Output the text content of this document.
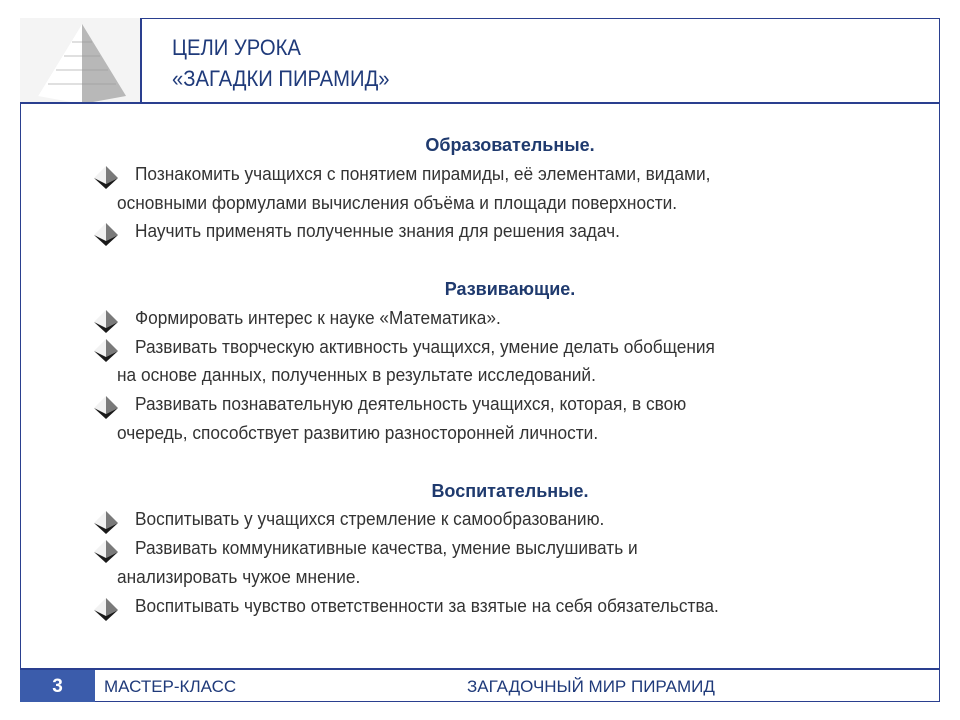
ЦЕЛИ УРОКА
«ЗАГАДКИ ПИРАМИД»
Образовательные.
Познакомить учащихся с понятием пирамиды, её элементами, видами,
основными формулами вычисления объёма и площади поверхности.
Научить применять полученные знания для решения задач.
Развивающие.
Формировать интерес к науке «Математика».
Развивать творческую активность учащихся, умение делать обобщения
на основе данных, полученных в результате исследований.
Развивать познавательную деятельность учащихся, которая, в свою
очередь, способствует развитию разносторонней личности.
Воспитательные.
Воспитывать у учащихся стремление к самообразованию.
Развивать коммуникативные качества, умение выслушивать и
анализировать чужое мнение.
Воспитывать чувство ответственности за взятые на себя обязательства.
3	МАСТЕР-КЛАСС	ЗАГАДОЧНЫЙ МИР ПИРАМИД
